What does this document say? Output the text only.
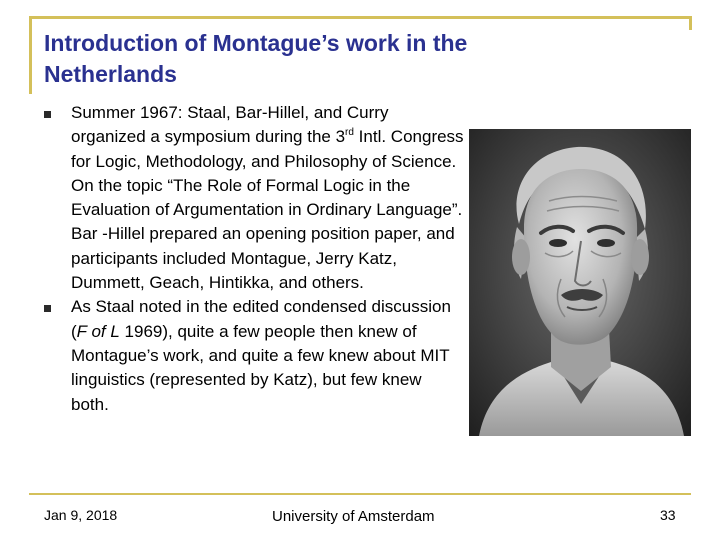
Introduction of Montague’s work in the
Netherlands
Summer 1967: Staal, Bar-Hillel, and Curry organized a symposium during the 3rd Intl. Congress for Logic, Methodology, and Philosophy of Science. On the topic “The Role of Formal Logic in the Evaluation of Argumentation in Ordinary Language”. Bar -Hillel prepared an opening position paper, and participants included Montague, Jerry Katz, Dummett, Geach, Hintikka, and others.
As Staal noted in the edited condensed discussion (F of L 1969), quite a few people then knew of Montague’s work, and quite a few knew about MIT linguistics (represented by Katz), but few knew both.
Jan 9, 2018	University of Amsterdam	33
